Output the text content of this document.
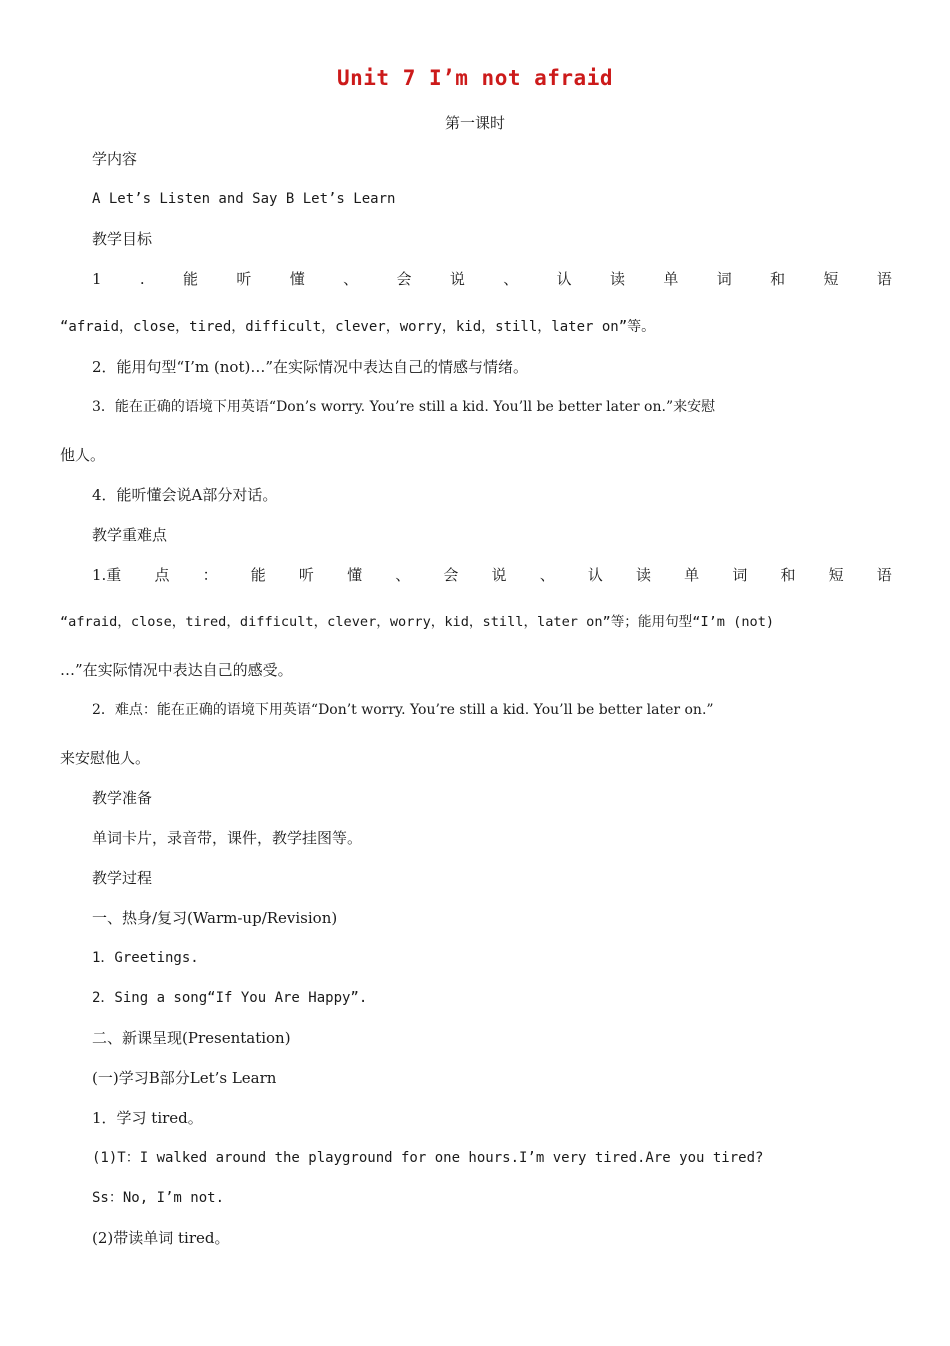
Unit 7 I’m not afraid
第一课时
学内容
A Let’s Listen and Say B Let’s Learn
教学目标
1	.	能	听	懂	、	会	说	、	认	读	单	词	和	短	语
“afraid，close，tired，difficult，clever，worry，kid，still，later on”等。
2．能用句型“I’m (not)…”在实际情况中表达自己的情感与情绪。
3．能在正确的语境下用英语“Don’s worry. You’re still a kid. You’ll be better later on.”来安慰
他人。
4．能听懂会说A部分对话。
教学重难点
1.重 点 ： 能 听 懂 、 会 说 、 认 读 单 词 和 短 语
“afraid，close，tired，difficult，clever，worry，kid，still，later on”等；能用句型“I’m (not)
…”在实际情况中表达自己的感受。
2．难点：能在正确的语境下用英语“Don’t worry. You’re still a kid. You’ll be better later on.”
来安慰他人。
教学准备
单词卡片，录音带，课件，教学挂图等。
教学过程
一、热身/复习(Warm-up/Revision)
1．Greetings.
2．Sing a song“If You Are Happy”.
二、新课呈现(Presentation)
(一)学习B部分Let’s Learn
1．学习 tired。
(1)T：I walked around the playground for one hours.I’m very tired.Are you tired?
Ss：No, I’m not.
(2)带读单词 tired。
